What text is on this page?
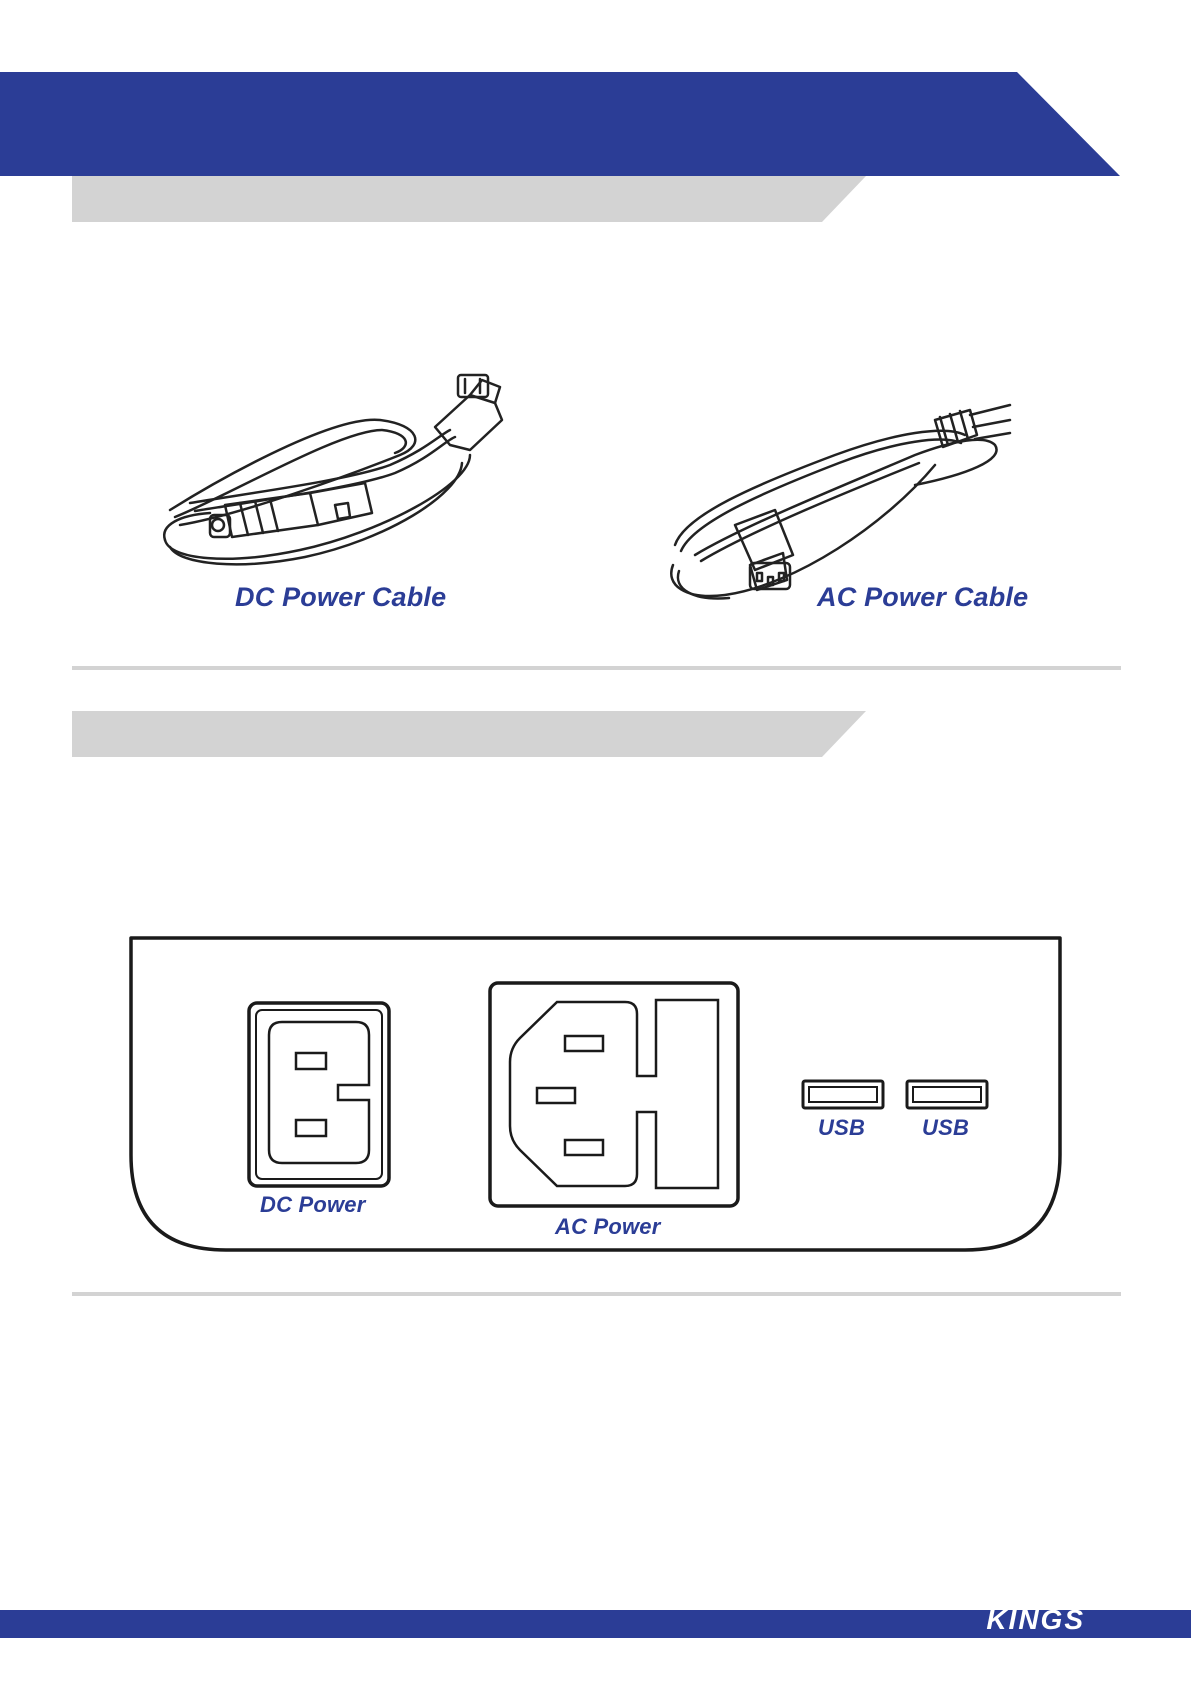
DC Power Cable	AC Power Cable
DC Power
AC Power
USB	USB
KINGS
